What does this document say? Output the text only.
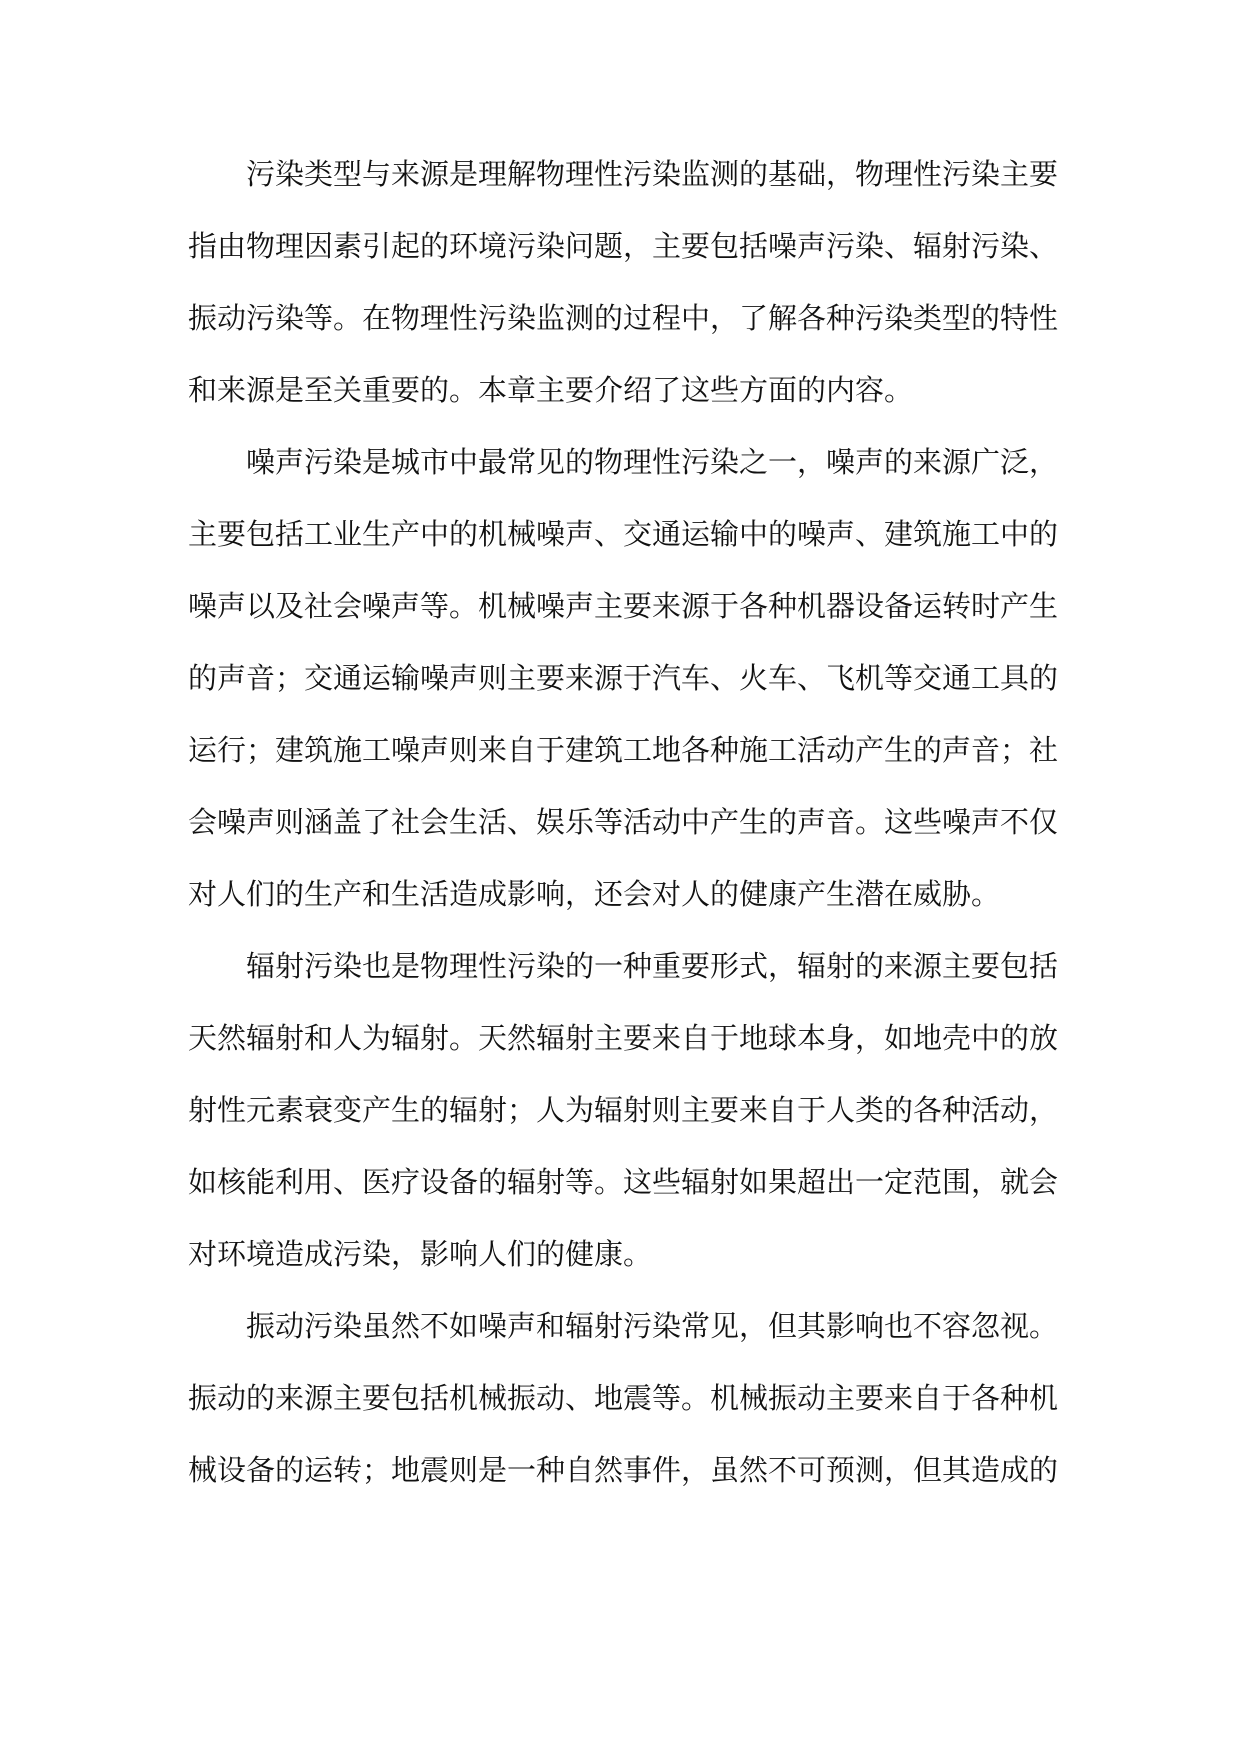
污染类型与来源是理解物理性污染监测的基础，物理性污染主要
指由物理因素引起的环境污染问题，主要包括噪声污染、辐射污染、
振动污染等。在物理性污染监测的过程中，了解各种污染类型的特性
和来源是至关重要的。本章主要介绍了这些方面的内容。
噪声污染是城市中最常见的物理性污染之一，噪声的来源广泛，
主要包括工业生产中的机械噪声、交通运输中的噪声、建筑施工中的
噪声以及社会噪声等。机械噪声主要来源于各种机器设备运转时产生
的声音；交通运输噪声则主要来源于汽车、火车、飞机等交通工具的
运行；建筑施工噪声则来自于建筑工地各种施工活动产生的声音；社
会噪声则涵盖了社会生活、娱乐等活动中产生的声音。这些噪声不仅
对人们的生产和生活造成影响，还会对人的健康产生潜在威胁。
辐射污染也是物理性污染的一种重要形式，辐射的来源主要包括
天然辐射和人为辐射。天然辐射主要来自于地球本身，如地壳中的放
射性元素衰变产生的辐射；人为辐射则主要来自于人类的各种活动，
如核能利用、医疗设备的辐射等。这些辐射如果超出一定范围，就会
对环境造成污染，影响人们的健康。
振动污染虽然不如噪声和辐射污染常见，但其影响也不容忽视。
振动的来源主要包括机械振动、地震等。机械振动主要来自于各种机
械设备的运转；地震则是一种自然事件，虽然不可预测，但其造成的
